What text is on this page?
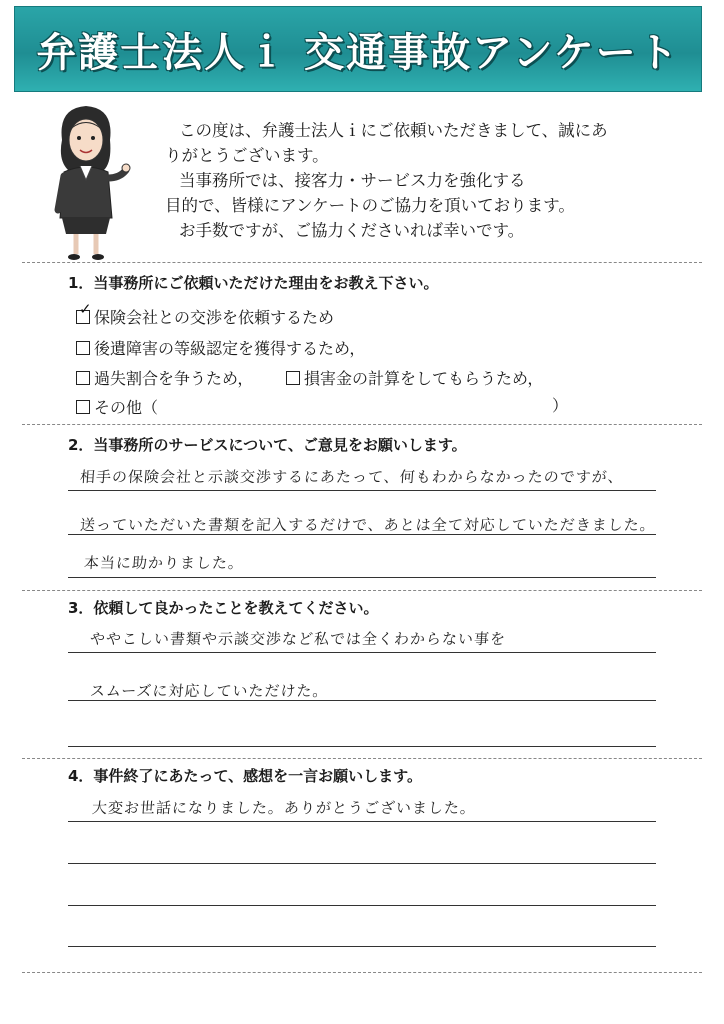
弁護士法人ｉ 交通事故アンケート
この度は、弁護士法人ｉにご依頼いただきまして、誠にあ
りがとうございます。
当事務所では、接客力・サービス力を強化する
目的で、皆様にアンケートのご協力を頂いております。
お手数ですが、ご協力くださいれば幸いです。
1．当事務所にご依頼いただけた理由をお教え下さい。
✓ 保険会社との交渉を依頼するため
後遺障害の等級認定を獲得するため，
過失割合を争うため，	損害金の計算をしてもらうため，
その他（	）
2．当事務所のサービスについて、ご意見をお願いします。
相手の保険会社と示談交渉するにあたって、何もわからなかったのですが、
送っていただいた書類を記入するだけで、あとは全て対応していただきました。
本当に助かりました。
3．依頼して良かったことを教えてください。
ややこしい書類や示談交渉など私では全くわからない事を
スムーズに対応していただけた。
4．事件終了にあたって、感想を一言お願いします。
大変お世話になりました。ありがとうございました。
